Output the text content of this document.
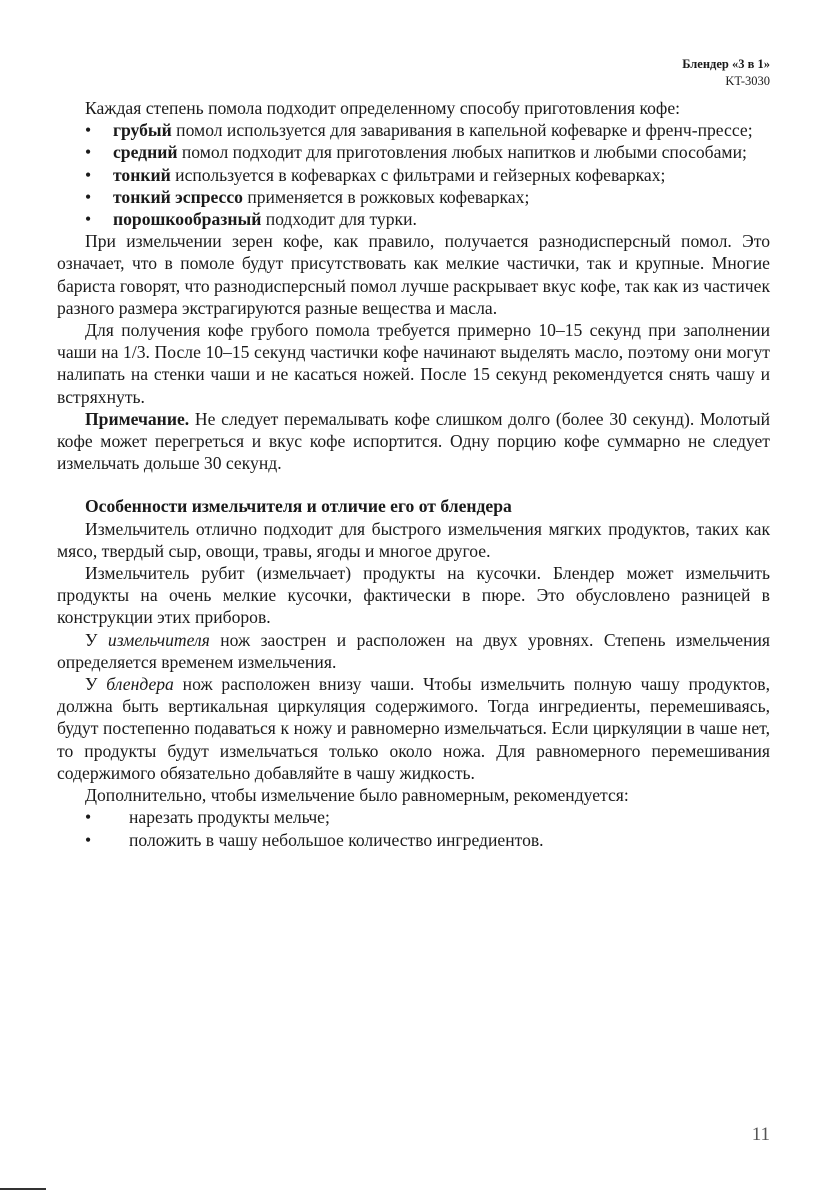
Блендер «3 в 1»
KT-3030

Каждая степень помола подходит определенному способу приготовления кофе:

• грубый помол используется для заваривания в капельной кофеварке и френч-прессе;
• средний помол подходит для приготовления любых напитков и любыми способами;
• тонкий используется в кофеварках с фильтрами и гейзерных кофеварках;
• тонкий эспрессо применяется в рожковых кофеварках;
• порошкообразный подходит для турки.

При измельчении зерен кофе, как правило, получается разнодисперсный помол. Это означает, что в помоле будут присутствовать как мелкие частички, так и крупные. Многие бариста говорят, что разнодисперсный помол лучше раскрывает вкус кофе, так как из частичек разного размера экстрагируются разные вещества и масла.

Для получения кофе грубого помола требуется примерно 10–15 секунд при заполнении чаши на 1/3. После 10–15 секунд частички кофе начинают выделять масло, поэтому они могут налипать на стенки чаши и не касаться ножей. После 15 секунд рекомендуется снять чашу и встряхнуть.

Примечание. Не следует перемалывать кофе слишком долго (более 30 секунд). Молотый кофе может перегреться и вкус кофе испортится. Одну порцию кофе суммарно не следует измельчать дольше 30 секунд.

Особенности измельчителя и отличие его от блендера

Измельчитель отлично подходит для быстрого измельчения мягких продуктов, таких как мясо, твердый сыр, овощи, травы, ягоды и многое другое.

Измельчитель рубит (измельчает) продукты на кусочки. Блендер может измельчить продукты на очень мелкие кусочки, фактически в пюре. Это обусловлено разницей в конструкции этих приборов.

У измельчителя нож заострен и расположен на двух уровнях. Степень измельчения определяется временем измельчения.

У блендера нож расположен внизу чаши. Чтобы измельчить полную чашу продуктов, должна быть вертикальная циркуляция содержимого. Тогда ингредиенты, перемешиваясь, будут постепенно подаваться к ножу и равномерно измельчаться. Если циркуляции в чаше нет, то продукты будут измельчаться только около ножа. Для равномерного перемешивания содержимого обязательно добавляйте в чашу жидкость.

Дополнительно, чтобы измельчение было равномерным, рекомендуется:

• нарезать продукты мельче;
• положить в чашу небольшое количество ингредиентов.
11
